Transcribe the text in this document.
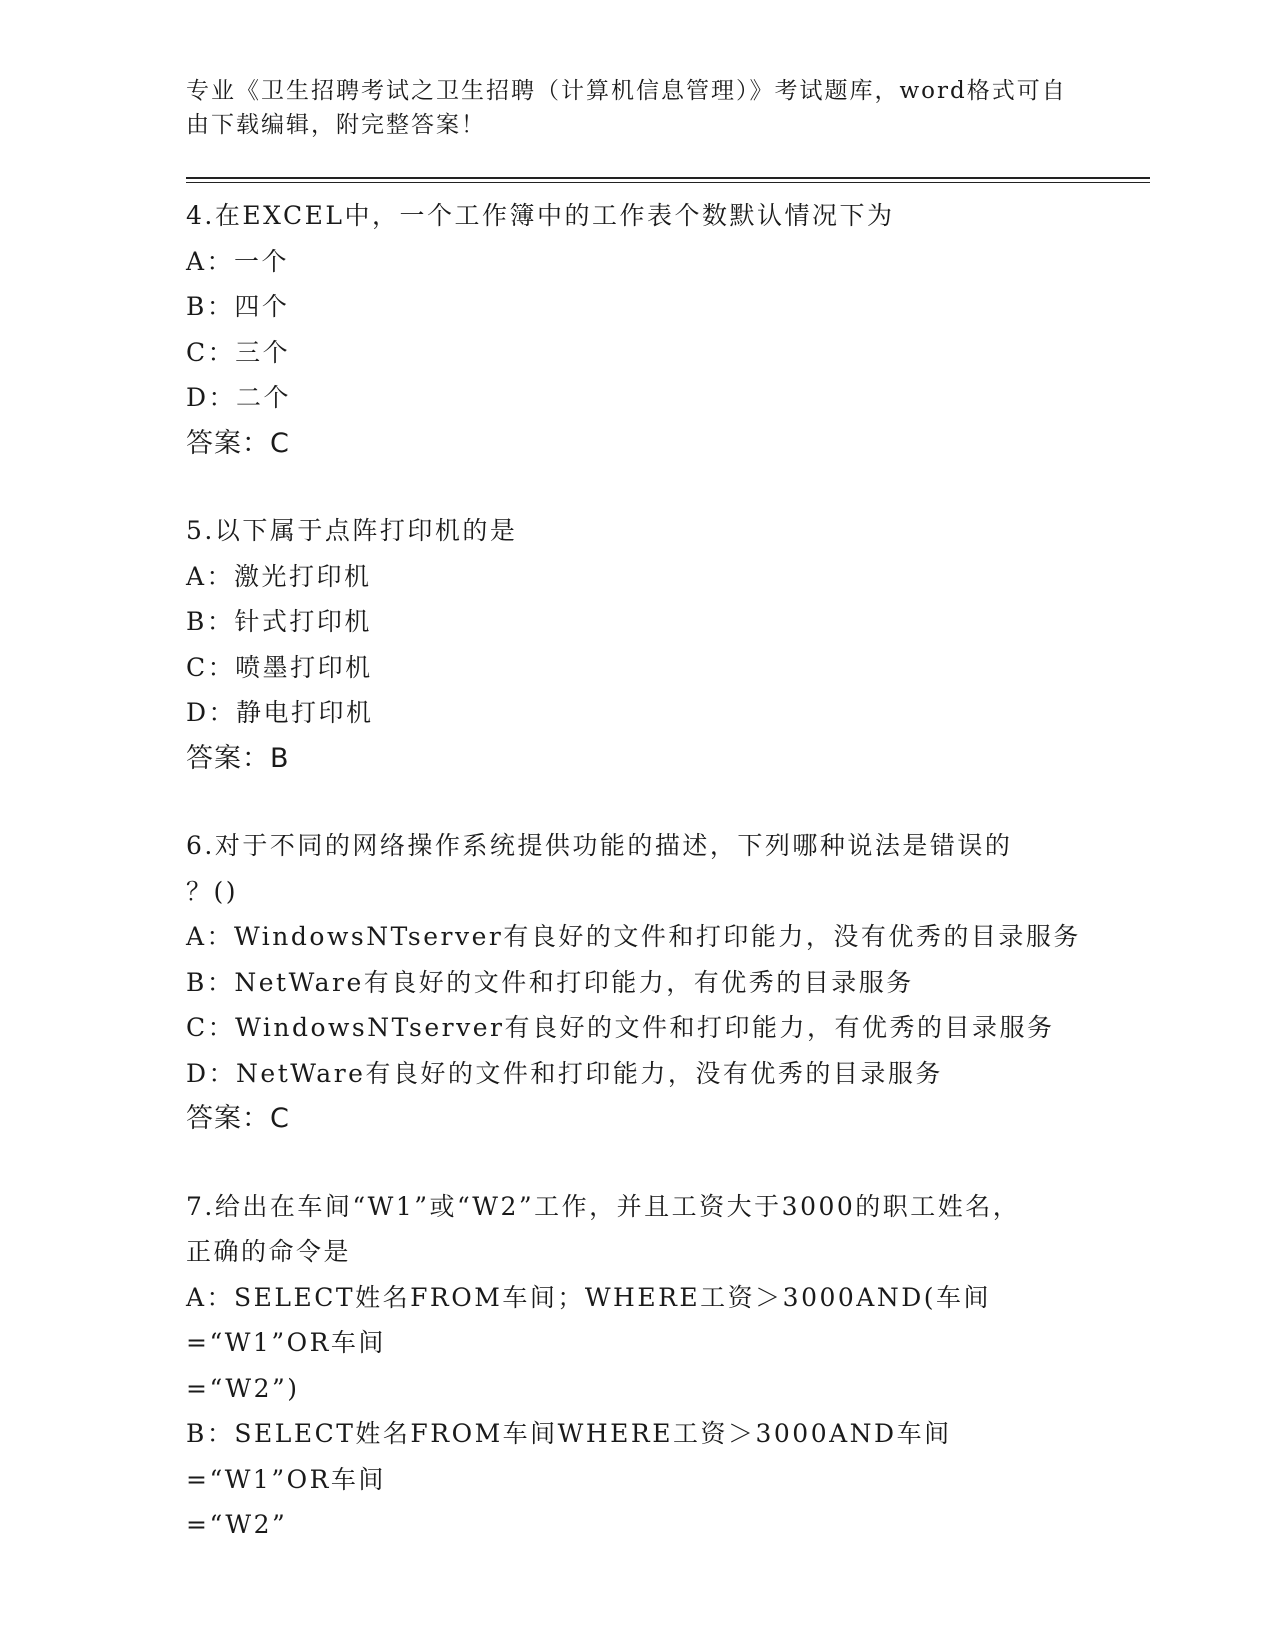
专业《卫生招聘考试之卫生招聘（计算机信息管理）》考试题库，word格式可自
由下载编辑，附完整答案！
4.在EXCEL中，一个工作簿中的工作表个数默认情况下为
A：一个
B：四个
C：三个
D：二个
答案：C
5.以下属于点阵打印机的是
A：激光打印机
B：针式打印机
C：喷墨打印机
D：静电打印机
答案：B
6.对于不同的网络操作系统提供功能的描述，下列哪种说法是错误的
？()
A：WindowsNTserver有良好的文件和打印能力，没有优秀的目录服务
B：NetWare有良好的文件和打印能力，有优秀的目录服务
C：WindowsNTserver有良好的文件和打印能力，有优秀的目录服务
D：NetWare有良好的文件和打印能力，没有优秀的目录服务
答案：C
7.给出在车间“W1”或“W2”工作，并且工资大于3000的职工姓名，
正确的命令是
A：SELECT姓名FROM车间；WHERE工资＞3000AND(车间=“W1”OR车间
=“W2”)
B：SELECT姓名FROM车间WHERE工资＞3000AND车间=“W1”OR车间
=“W2”
